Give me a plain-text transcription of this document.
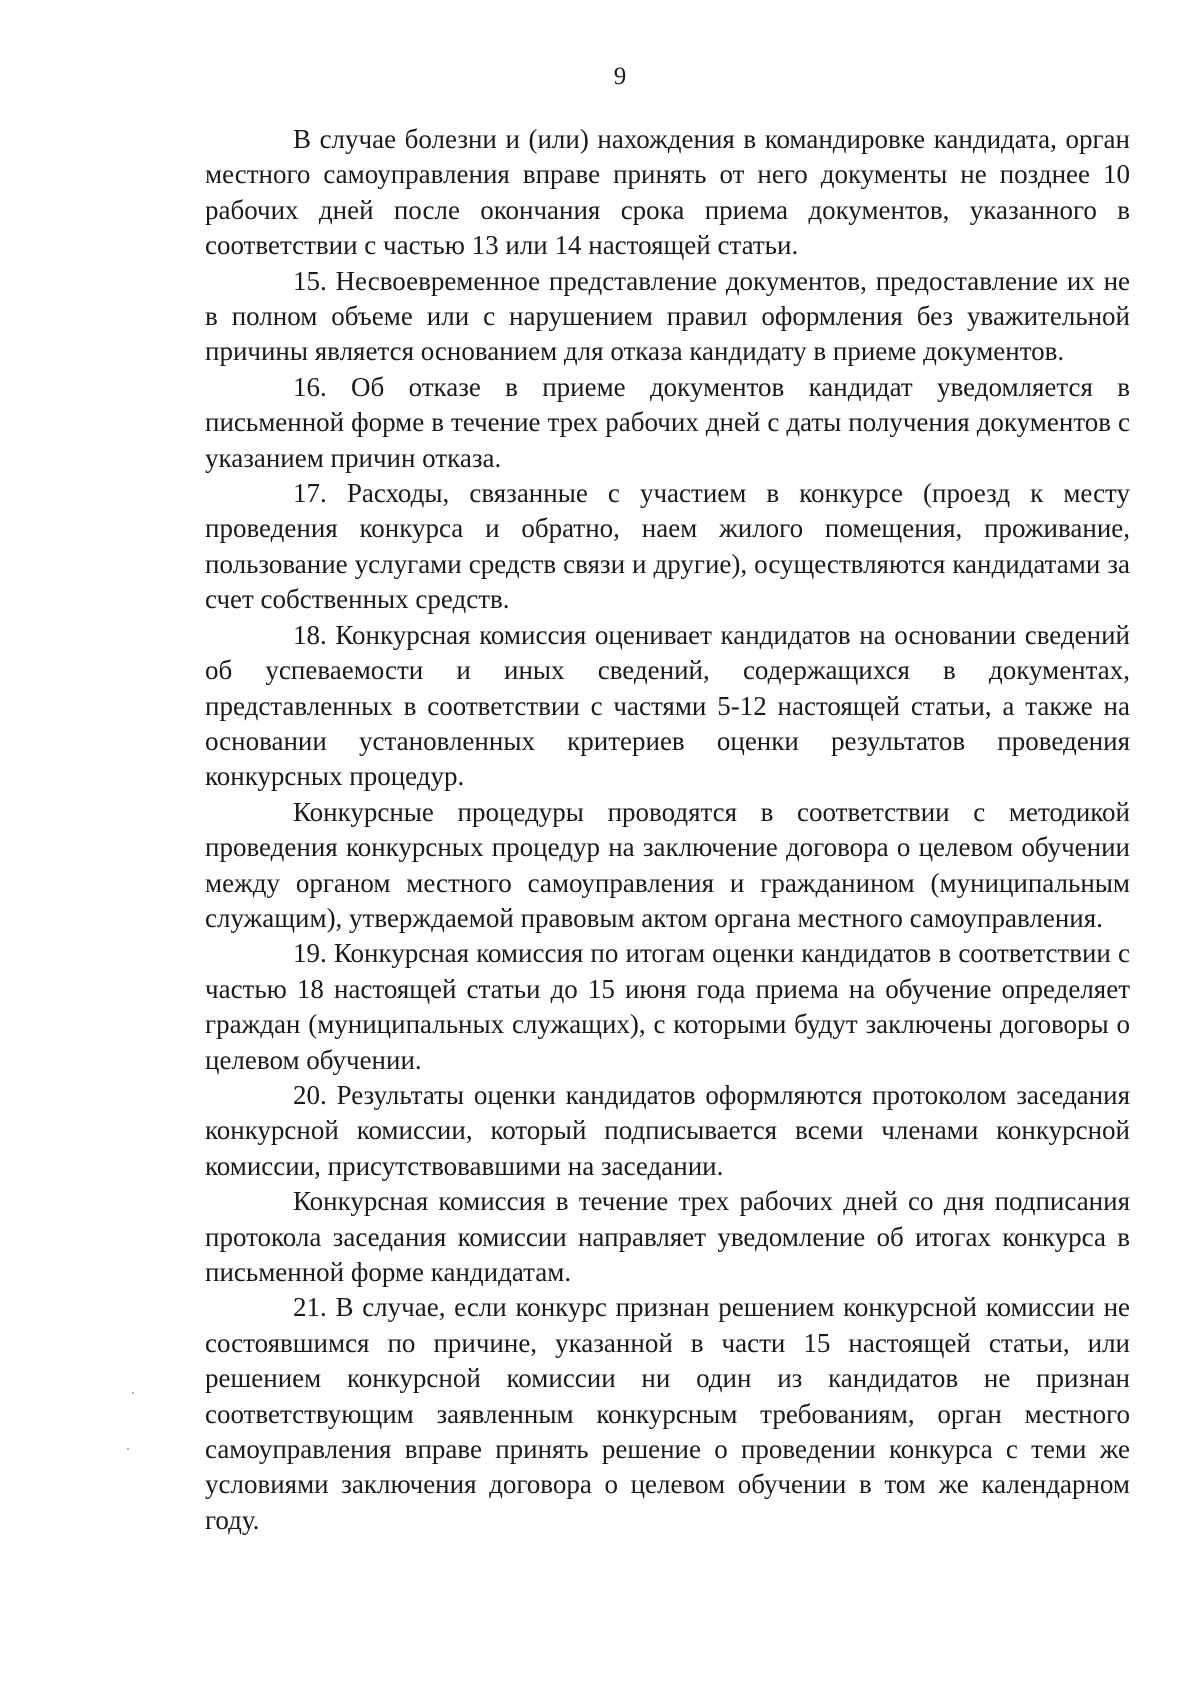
9

В случае болезни и (или) нахождения в командировке кандидата, орган местного самоуправления вправе принять от него документы не позднее 10 рабочих дней после окончания срока приема документов, указанного в соответствии с частью 13 или 14 настоящей статьи.

15. Несвоевременное представление документов, предоставление их не в полном объеме или с нарушением правил оформления без уважительной причины является основанием для отказа кандидату в приеме документов.

16. Об отказе в приеме документов кандидат уведомляется в письменной форме в течение трех рабочих дней с даты получения документов с указанием причин отказа.

17. Расходы, связанные с участием в конкурсе (проезд к месту проведения конкурса и обратно, наем жилого помещения, проживание, пользование услугами средств связи и другие), осуществляются кандидатами за счет собственных средств.

18. Конкурсная комиссия оценивает кандидатов на основании сведений об успеваемости и иных сведений, содержащихся в документах, представленных в соответствии с частями 5-12 настоящей статьи, а также на основании установленных критериев оценки результатов проведения конкурсных процедур.

Конкурсные процедуры проводятся в соответствии с методикой проведения конкурсных процедур на заключение договора о целевом обучении между органом местного самоуправления и гражданином (муниципальным служащим), утверждаемой правовым актом органа местного самоуправления.

19. Конкурсная комиссия по итогам оценки кандидатов в соответствии с частью 18 настоящей статьи до 15 июня года приема на обучение определяет граждан (муниципальных служащих), с которыми будут заключены договоры о целевом обучении.

20. Результаты оценки кандидатов оформляются протоколом заседания конкурсной комиссии, который подписывается всеми членами конкурсной комиссии, присутствовавшими на заседании.

Конкурсная комиссия в течение трех рабочих дней со дня подписания протокола заседания комиссии направляет уведомление об итогах конкурса в письменной форме кандидатам.

21. В случае, если конкурс признан решением конкурсной комиссии не состоявшимся по причине, указанной в части 15 настоящей статьи, или решением конкурсной комиссии ни один из кандидатов не признан соответствующим заявленным конкурсным требованиям, орган местного самоуправления вправе принять решение о проведении конкурса с теми же условиями заключения договора о целевом обучении в том же календарном году.
